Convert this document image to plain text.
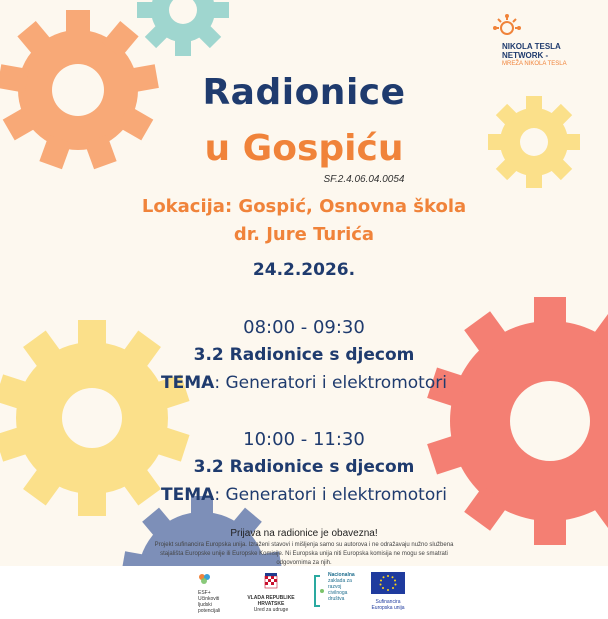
NIKOLA TESLA
NETWORK -
MREŽA NIKOLA TESLA
Radionice
u Gospiću
SF.2.4.06.04.0054
Lokacija: Gospić, Osnovna škola
dr. Jure Turića
24.2.2026.
08:00 - 09:30
3.2 Radionice s djecom
TEMA: Generatori i elektromotori
10:00 - 11:30
3.2 Radionice s djecom
TEMA: Generatori i elektromotori
Prijava na radionice je obavezna!
Projekt sufinancira Europska unija. Izraženi stavovi i mišljenja samo su autorova i ne odražavaju nužno službena
stajališta Europske unije ili Europske Komisije. Ni Europska unija niti Europska komisija ne mogu se smatrati
odgovornima za njih.
ESF+
Učinkoviti
ljudski
potencijali
VLADA REPUBLIKE HRVATSKE
Ured za udruge
Nacionalna
zaklada za
razvoj
civilnoga
društva	Sufinancira
Europska unija
